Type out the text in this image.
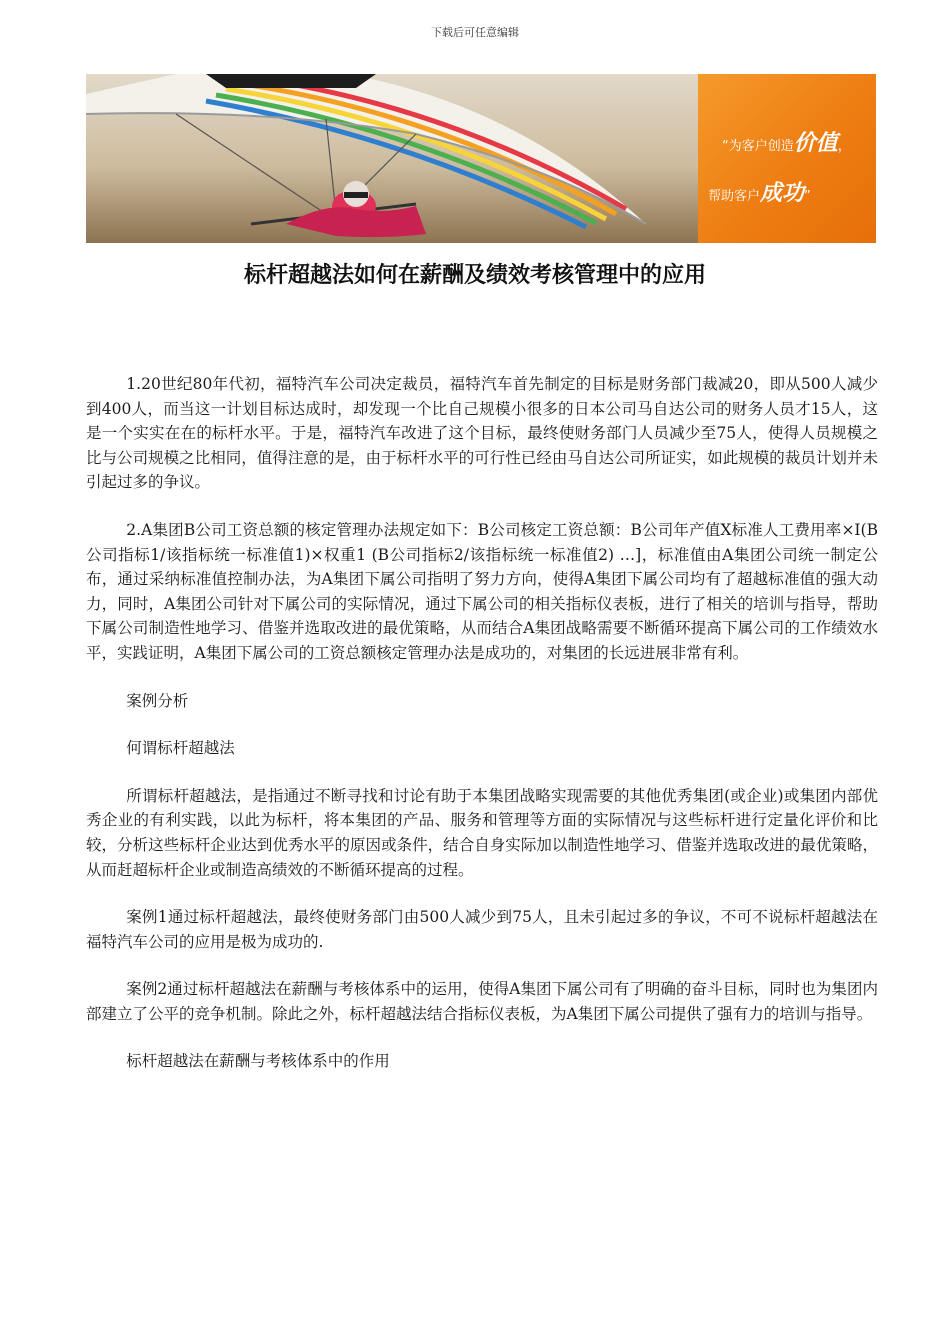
下载后可任意编辑
“为客户创造价值，
帮助客户成功”
标杆超越法如何在薪酬及绩效考核管理中的应用

1.20世纪80年代初，福特汽车公司决定裁员，福特汽车首先制定的目标是财务部门裁减20，即从500人减少到400人，而当这一计划目标达成时，却发现一个比自己规模小很多的日本公司马自达公司的财务人员才15人，这是一个实实在在的标杆水平。于是，福特汽车改进了这个目标，最终使财务部门人员减少至75人，使得人员规模之比与公司规模之比相同，值得注意的是，由于标杆水平的可行性已经由马自达公司所证实，如此规模的裁员计划并未引起过多的争议。

2.A集团B公司工资总额的核定管理办法规定如下：B公司核定工资总额：B公司年产值X标准人工费用率×I(B公司指标1/该指标统一标准值1)×权重1 (B公司指标2/该指标统一标准值2) …]，标准值由A集团公司统一制定公布，通过采纳标准值控制办法，为A集团下属公司指明了努力方向，使得A集团下属公司均有了超越标准值的强大动力，同时，A集团公司针对下属公司的实际情况，通过下属公司的相关指标仪表板，进行了相关的培训与指导，帮助下属公司制造性地学习、借鉴并选取改进的最优策略，从而结合A集团战略需要不断循环提高下属公司的工作绩效水平，实践证明，A集团下属公司的工资总额核定管理办法是成功的，对集团的长远进展非常有利。

案例分析

何谓标杆超越法

所谓标杆超越法，是指通过不断寻找和讨论有助于本集团战略实现需要的其他优秀集团(或企业)或集团内部优秀企业的有利实践，以此为标杆，将本集团的产品、服务和管理等方面的实际情况与这些标杆进行定量化评价和比较，分析这些标杆企业达到优秀水平的原因或条件，结合自身实际加以制造性地学习、借鉴并选取改进的最优策略，从而赶超标杆企业或制造高绩效的不断循环提高的过程。

案例1通过标杆超越法，最终使财务部门由500人减少到75人，且未引起过多的争议，不可不说标杆超越法在福特汽车公司的应用是极为成功的.

案例2通过标杆超越法在薪酬与考核体系中的运用，使得A集团下属公司有了明确的奋斗目标，同时也为集团内部建立了公平的竞争机制。除此之外，标杆超越法结合指标仪表板，为A集团下属公司提供了强有力的培训与指导。

标杆超越法在薪酬与考核体系中的作用
